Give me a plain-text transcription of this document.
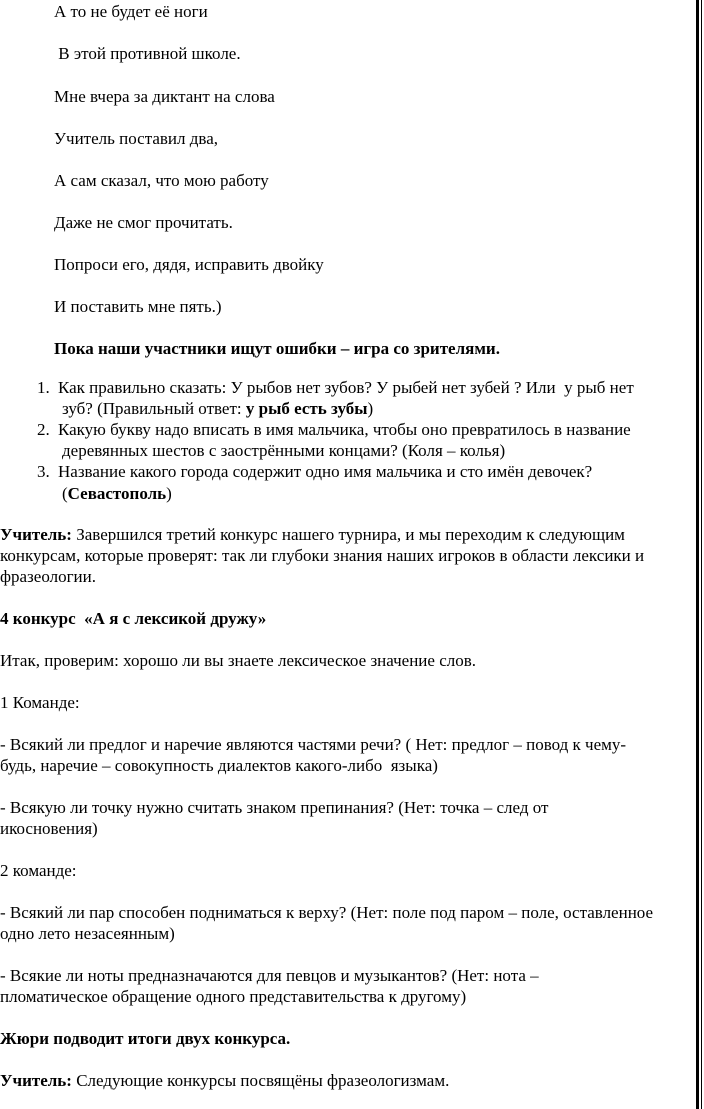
А то не будет её ноги
В этой противной школе.
Мне вчера за диктант на слова
Учитель поставил два,
А сам сказал, что мою работу
Даже не смог прочитать.
Попроси его, дядя, исправить двойку
И поставить мне пять.)
Пока наши участники ищут ошибки – игра со зрителями.
1. Как правильно сказать: У рыбов нет зубов? У рыбей нет зубей ? Или  у рыб нет
зуб? (Правильный ответ: у рыб есть зубы)
2. Какую букву надо вписать в имя мальчика, чтобы оно превратилось в название
деревянных шестов с заострёнными концами? (Коля – колья)
3. Название какого города содержит одно имя мальчика и сто имён девочек?
(Севастополь)
Учитель: Завершился третий конкурс нашего турнира, и мы переходим к следующим
конкурсам, которые проверят: так ли глубоки знания наших игроков в области лексики и
фразеологии.
4 конкурс  «А я с лексикой дружу»
Итак, проверим: хорошо ли вы знаете лексическое значение слов.
1 Команде:
- Всякий ли предлог и наречие являются частями речи? ( Нет: предлог – повод к чему-
будь, наречие – совокупность диалектов какого-либо  языка)
- Всякую ли точку нужно считать знаком препинания? (Нет: точка – след от
икосновения)
2 команде:
- Всякий ли пар способен подниматься к верху? (Нет: поле под паром – поле, оставленное
одно лето незасеянным)
- Всякие ли ноты предназначаются для певцов и музыкантов? (Нет: нота –
пломатическое обращение одного представительства к другому)
Жюри подводит итоги двух конкурса.
Учитель: Следующие конкурсы посвящёны фразеологизмам.
